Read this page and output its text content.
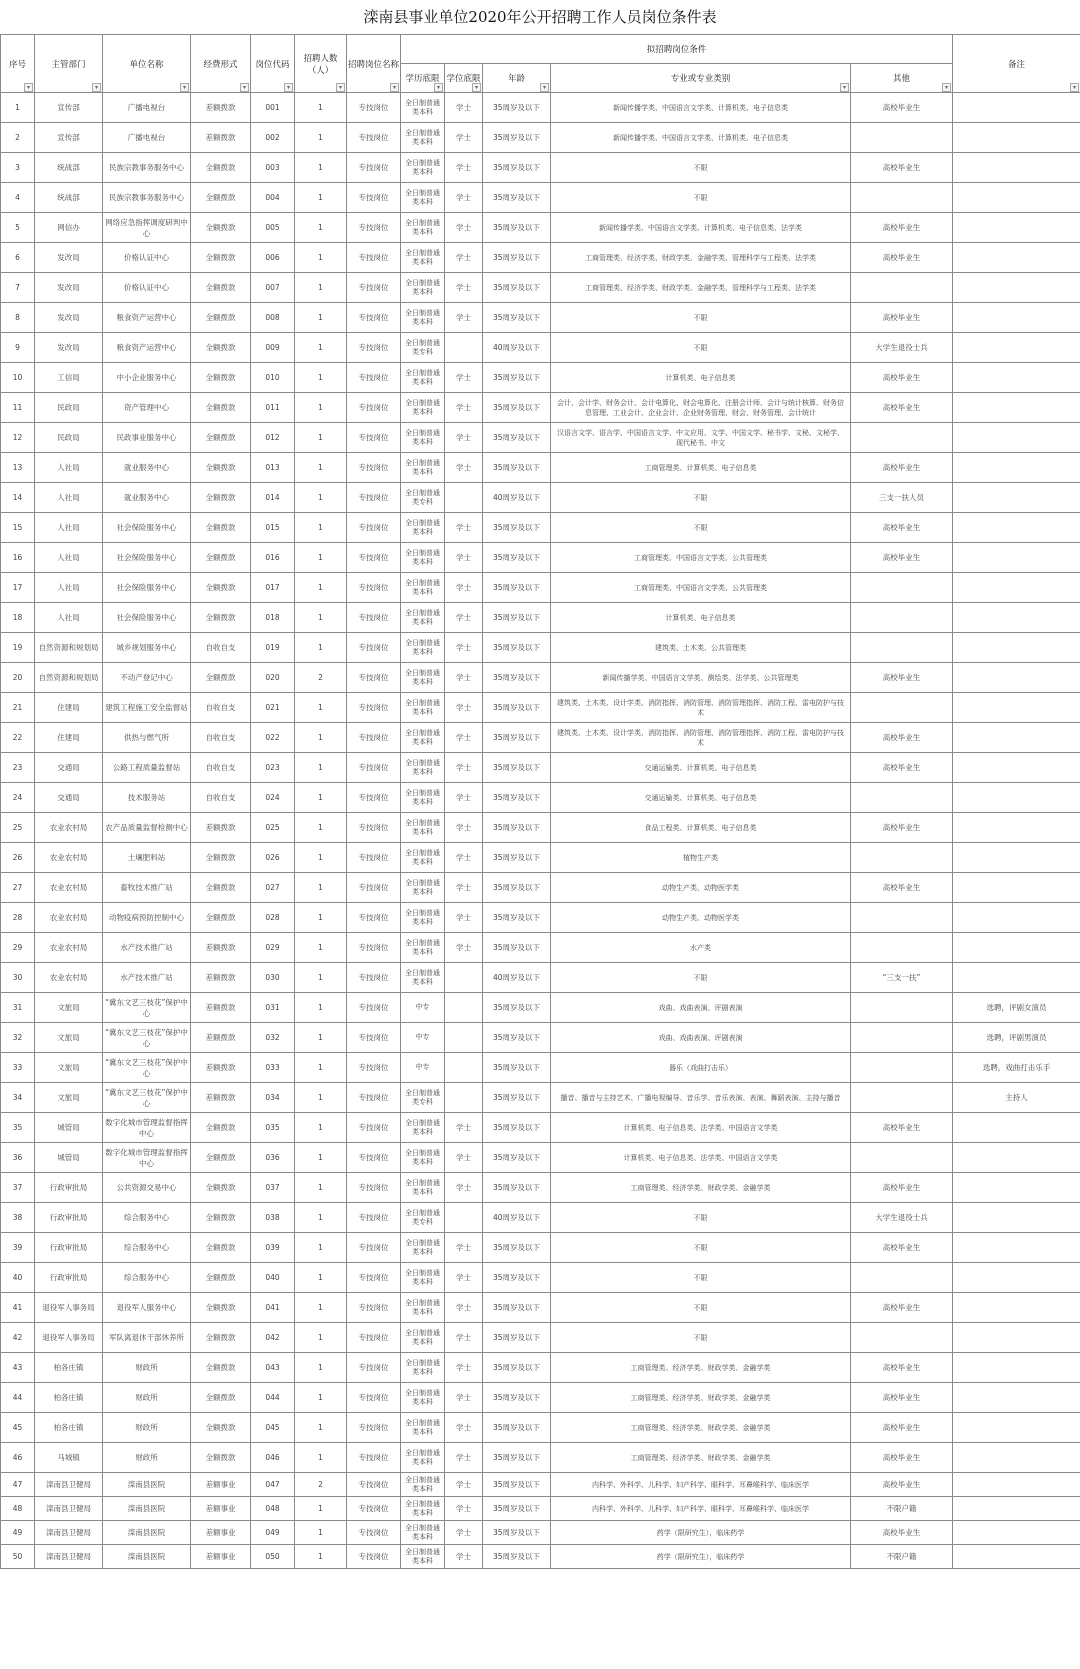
滦南县事业单位2020年公开招聘工作人员岗位条件表
序号 ▾	主管部门 ▾	单位名称 ▾	经费形式 ▾	岗位代码 ▾	招聘人数（人） ▾	招聘岗位名称 ▾	拟招聘岗位条件					备注 ▾
							学历底限 ▾	学位底限 ▾	年龄 ▾	专业或专业类别 ▾	其他 ▾
1	宣传部	广播电视台	差额拨款	001	1	专技岗位	全日制普通类本科	学士	35周岁及以下	新闻传播学类、中国语言文学类、计算机类、电子信息类	高校毕业生	
2	宣传部	广播电视台	差额拨款	002	1	专技岗位	全日制普通类本科	学士	35周岁及以下	新闻传播学类、中国语言文学类、计算机类、电子信息类		
3	统战部	民族宗教事务服务中心	全额拨款	003	1	专技岗位	全日制普通类本科	学士	35周岁及以下	不限	高校毕业生	
4	统战部	民族宗教事务服务中心	全额拨款	004	1	专技岗位	全日制普通类本科	学士	35周岁及以下	不限		
5	网信办	网络应急指挥调度研判中心	全额拨款	005	1	专技岗位	全日制普通类本科	学士	35周岁及以下	新闻传播学类、中国语言文学类、计算机类、电子信息类、法学类	高校毕业生	
6	发改局	价格认证中心	全额拨款	006	1	专技岗位	全日制普通类本科	学士	35周岁及以下	工商管理类、经济学类、财政学类、金融学类、管理科学与工程类、法学类	高校毕业生	
7	发改局	价格认证中心	全额拨款	007	1	专技岗位	全日制普通类本科	学士	35周岁及以下	工商管理类、经济学类、财政学类、金融学类、管理科学与工程类、法学类		
8	发改局	粮食资产运营中心	全额拨款	008	1	专技岗位	全日制普通类本科	学士	35周岁及以下	不限	高校毕业生	
9	发改局	粮食资产运营中心	全额拨款	009	1	专技岗位	全日制普通类专科		40周岁及以下	不限	大学生退役士兵	
10	工信局	中小企业服务中心	全额拨款	010	1	专技岗位	全日制普通类本科	学士	35周岁及以下	计算机类、电子信息类	高校毕业生	
11	民政局	资产管理中心	全额拨款	011	1	专技岗位	全日制普通类本科	学士	35周岁及以下	会计、会计学、财务会计、会计电算化、财会电算化、注册会计师、会计与统计核算、财务信息管理、工业会计、企业会计、企业财务管理、财会、财务管理、会计统计	高校毕业生	
12	民政局	民政事业服务中心	全额拨款	012	1	专技岗位	全日制普通类本科	学士	35周岁及以下	汉语言文学、语言学、中国语言文学、中文应用、文学、中国文学、秘书学、文秘、文秘学、现代秘书、中文		
13	人社局	就业服务中心	全额拨款	013	1	专技岗位	全日制普通类本科	学士	35周岁及以下	工商管理类、计算机类、电子信息类	高校毕业生	
14	人社局	就业服务中心	全额拨款	014	1	专技岗位	全日制普通类专科		40周岁及以下	不限	三支一扶人员	
15	人社局	社会保险服务中心	全额拨款	015	1	专技岗位	全日制普通类本科	学士	35周岁及以下	不限	高校毕业生	
16	人社局	社会保险服务中心	全额拨款	016	1	专技岗位	全日制普通类本科	学士	35周岁及以下	工商管理类、中国语言文学类、公共管理类	高校毕业生	
17	人社局	社会保险服务中心	全额拨款	017	1	专技岗位	全日制普通类本科	学士	35周岁及以下	工商管理类、中国语言文学类、公共管理类		
18	人社局	社会保险服务中心	全额拨款	018	1	专技岗位	全日制普通类本科	学士	35周岁及以下	计算机类、电子信息类		
19	自然资源和规划局	城乡规划服务中心	自收自支	019	1	专技岗位	全日制普通类本科	学士	35周岁及以下	建筑类、土木类、公共管理类		
20	自然资源和规划局	不动产登记中心	全额拨款	020	2	专技岗位	全日制普通类本科	学士	35周岁及以下	新闻传播学类、中国语言文学类、测绘类、法学类、公共管理类	高校毕业生	
21	住建局	建筑工程施工安全监督站	自收自支	021	1	专技岗位	全日制普通类本科	学士	35周岁及以下	建筑类、土木类、设计学类、消防指挥、消防管理、消防管理指挥、消防工程、雷电防护与技术		
22	住建局	供热与燃气所	自收自支	022	1	专技岗位	全日制普通类本科	学士	35周岁及以下	建筑类、土木类、设计学类、消防指挥、消防管理、消防管理指挥、消防工程、雷电防护与技术	高校毕业生	
23	交通局	公路工程质量监督站	自收自支	023	1	专技岗位	全日制普通类本科	学士	35周岁及以下	交通运输类、计算机类、电子信息类	高校毕业生	
24	交通局	技术服务站	自收自支	024	1	专技岗位	全日制普通类本科	学士	35周岁及以下	交通运输类、计算机类、电子信息类		
25	农业农村局	农产品质量监督检测中心	差额拨款	025	1	专技岗位	全日制普通类本科	学士	35周岁及以下	食品工程类、计算机类、电子信息类	高校毕业生	
26	农业农村局	土壤肥料站	全额拨款	026	1	专技岗位	全日制普通类本科	学士	35周岁及以下	植物生产类		
27	农业农村局	畜牧技术推广站	全额拨款	027	1	专技岗位	全日制普通类本科	学士	35周岁及以下	动物生产类、动物医学类	高校毕业生	
28	农业农村局	动物疫病预防控制中心	全额拨款	028	1	专技岗位	全日制普通类本科	学士	35周岁及以下	动物生产类、动物医学类		
29	农业农村局	水产技术推广站	差额拨款	029	1	专技岗位	全日制普通类本科	学士	35周岁及以下	水产类		
30	农业农村局	水产技术推广站	差额拨款	030	1	专技岗位	全日制普通类本科		40周岁及以下	不限	“三支一扶”	
31	文旅局	“冀东文艺三枝花”保护中心	差额拨款	031	1	专技岗位	中专		35周岁及以下	戏曲、戏曲表演、评剧表演		选聘，评剧女演员
32	文旅局	“冀东文艺三枝花”保护中心	差额拨款	032	1	专技岗位	中专		35周岁及以下	戏曲、戏曲表演、评剧表演		选聘，评剧男演员
33	文旅局	“冀东文艺三枝花”保护中心	差额拨款	033	1	专技岗位	中专		35周岁及以下	器乐（戏曲打击乐）		选聘，戏曲打击乐手
34	文旅局	“冀东文艺三枝花”保护中心	差额拨款	034	1	专技岗位	全日制普通类专科		35周岁及以下	播音、播音与主持艺术、广播电视编导、音乐学、音乐表演、表演、舞蹈表演、主持与播音		主持人
35	城管局	数字化城市管理监督指挥中心	全额拨款	035	1	专技岗位	全日制普通类本科	学士	35周岁及以下	计算机类、电子信息类、法学类、中国语言文学类	高校毕业生	
36	城管局	数字化城市管理监督指挥中心	全额拨款	036	1	专技岗位	全日制普通类本科	学士	35周岁及以下	计算机类、电子信息类、法学类、中国语言文学类		
37	行政审批局	公共资源交易中心	全额拨款	037	1	专技岗位	全日制普通类本科	学士	35周岁及以下	工商管理类、经济学类、财政学类、金融学类	高校毕业生	
38	行政审批局	综合服务中心	全额拨款	038	1	专技岗位	全日制普通类专科		40周岁及以下	不限	大学生退役士兵	
39	行政审批局	综合服务中心	全额拨款	039	1	专技岗位	全日制普通类本科	学士	35周岁及以下	不限	高校毕业生	
40	行政审批局	综合服务中心	全额拨款	040	1	专技岗位	全日制普通类本科	学士	35周岁及以下	不限		
41	退役军人事务局	退役军人服务中心	全额拨款	041	1	专技岗位	全日制普通类本科	学士	35周岁及以下	不限	高校毕业生	
42	退役军人事务局	军队离退休干部休养所	全额拨款	042	1	专技岗位	全日制普通类本科	学士	35周岁及以下	不限		
43	柏各庄镇	财政所	全额拨款	043	1	专技岗位	全日制普通类本科	学士	35周岁及以下	工商管理类、经济学类、财政学类、金融学类	高校毕业生	
44	柏各庄镇	财政所	全额拨款	044	1	专技岗位	全日制普通类本科	学士	35周岁及以下	工商管理类、经济学类、财政学类、金融学类	高校毕业生	
45	柏各庄镇	财政所	全额拨款	045	1	专技岗位	全日制普通类本科	学士	35周岁及以下	工商管理类、经济学类、财政学类、金融学类	高校毕业生	
46	马城镇	财政所	全额拨款	046	1	专技岗位	全日制普通类本科	学士	35周岁及以下	工商管理类、经济学类、财政学类、金融学类	高校毕业生	
47	滦南县卫健局	滦南县医院	差额事业	047	2	专技岗位	全日制普通类本科	学士	35周岁及以下	内科学、外科学、儿科学、妇产科学、眼科学、耳鼻喉科学、临床医学	高校毕业生	
48	滦南县卫健局	滦南县医院	差额事业	048	1	专技岗位	全日制普通类本科	学士	35周岁及以下	内科学、外科学、儿科学、妇产科学、眼科学、耳鼻喉科学、临床医学	不限户籍	
49	滦南县卫健局	滦南县医院	差额事业	049	1	专技岗位	全日制普通类本科	学士	35周岁及以下	药学（限研究生），临床药学	高校毕业生	
50	滦南县卫健局	滦南县医院	差额事业	050	1	专技岗位	全日制普通类本科	学士	35周岁及以下	药学（限研究生），临床药学	不限户籍	
